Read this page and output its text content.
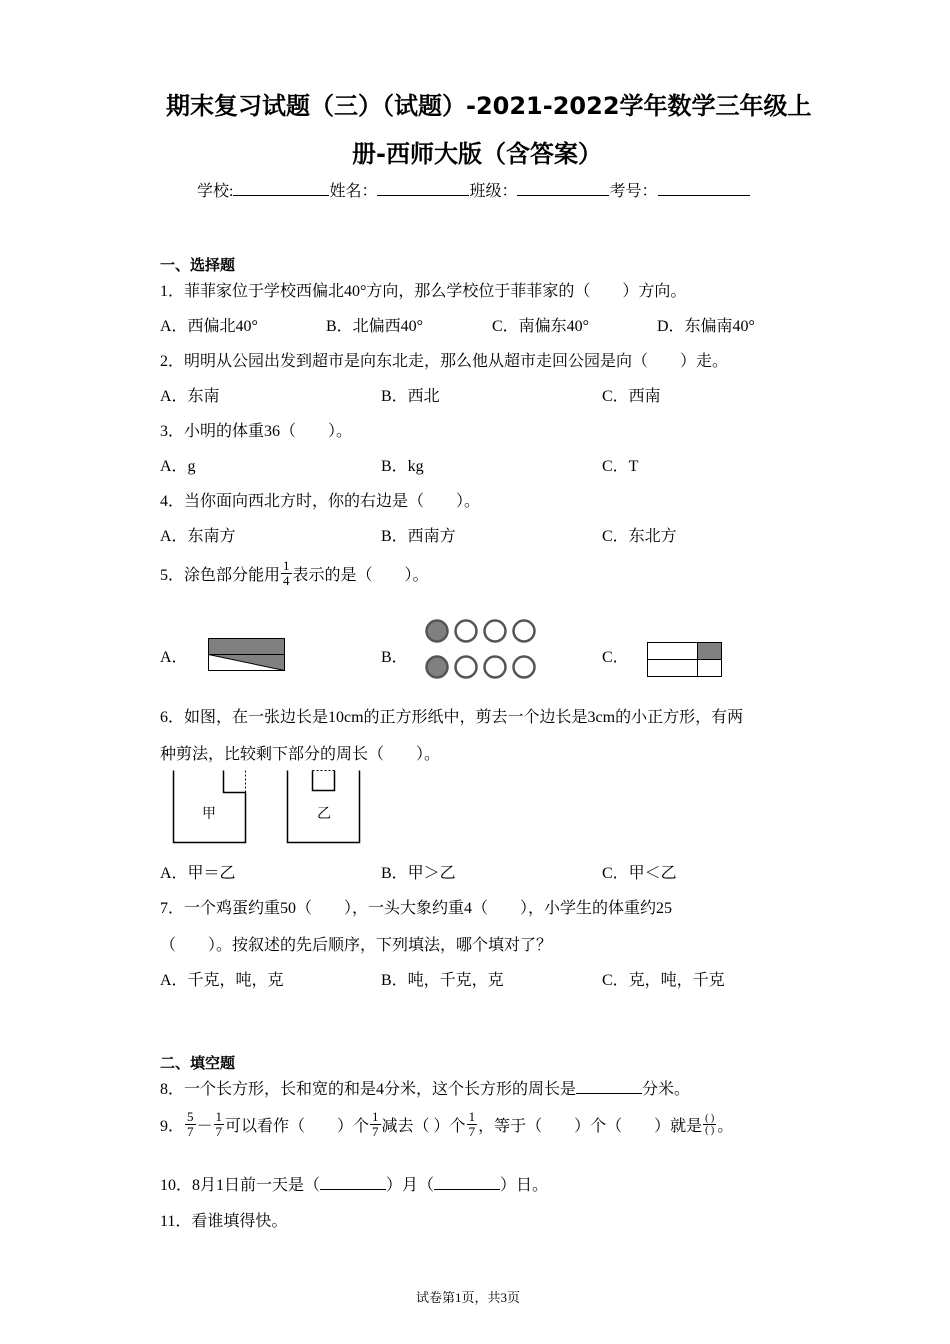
期末复习试题（三）（试题）-2021-2022学年数学三年级上
册-西师大版（含答案）
学校:	姓名：	班级：	考号：
一、选择题
1．菲菲家位于学校西偏北40°方向，那么学校位于菲菲家的（　　）方向。
A．西偏北40°	B．北偏西40°	C．南偏东40°	D．东偏南40°
2．明明从公园出发到超市是向东北走，那么他从超市走回公园是向（　　）走。
A．东南	B．西北	C．西南
3．小明的体重36（　　）。
A．g	B．kg	C．T
4．当你面向西北方时，你的右边是（　　）。
A．东南方	B．西南方	C．东北方
5．涂色部分能用 $\frac{1}{4}$ 表示的是（　　）。
A．	B．	C．
6．如图，在一张边长是10cm的正方形纸中，剪去一个边长是3cm的小正方形，有两
种剪法，比较剩下部分的周长（　　）。
甲	乙
A．甲＝乙	B．甲＞乙	C．甲＜乙
7．一个鸡蛋约重50（　　），一头大象约重4（　　），小学生的体重约25
（　　）。按叙述的先后顺序，下列填法，哪个填对了？
A．千克，吨，克	B．吨，千克，克	C．克，吨，千克
二、填空题
8．一个长方形，长和宽的和是4分米，这个长方形的周长是	分米。
9． $\frac{5}{7} - \frac{1}{7}$ 可以看作（　　）个 $\frac{1}{7}$ 减去（ ）个 $\frac{1}{7}$ ，等于（　　）个（　　）就是 $\frac{( )}{( )}$ 。
10．8月1日前一天是（	）月（	）日。
11．看谁填得快。
试卷第1页，共3页
